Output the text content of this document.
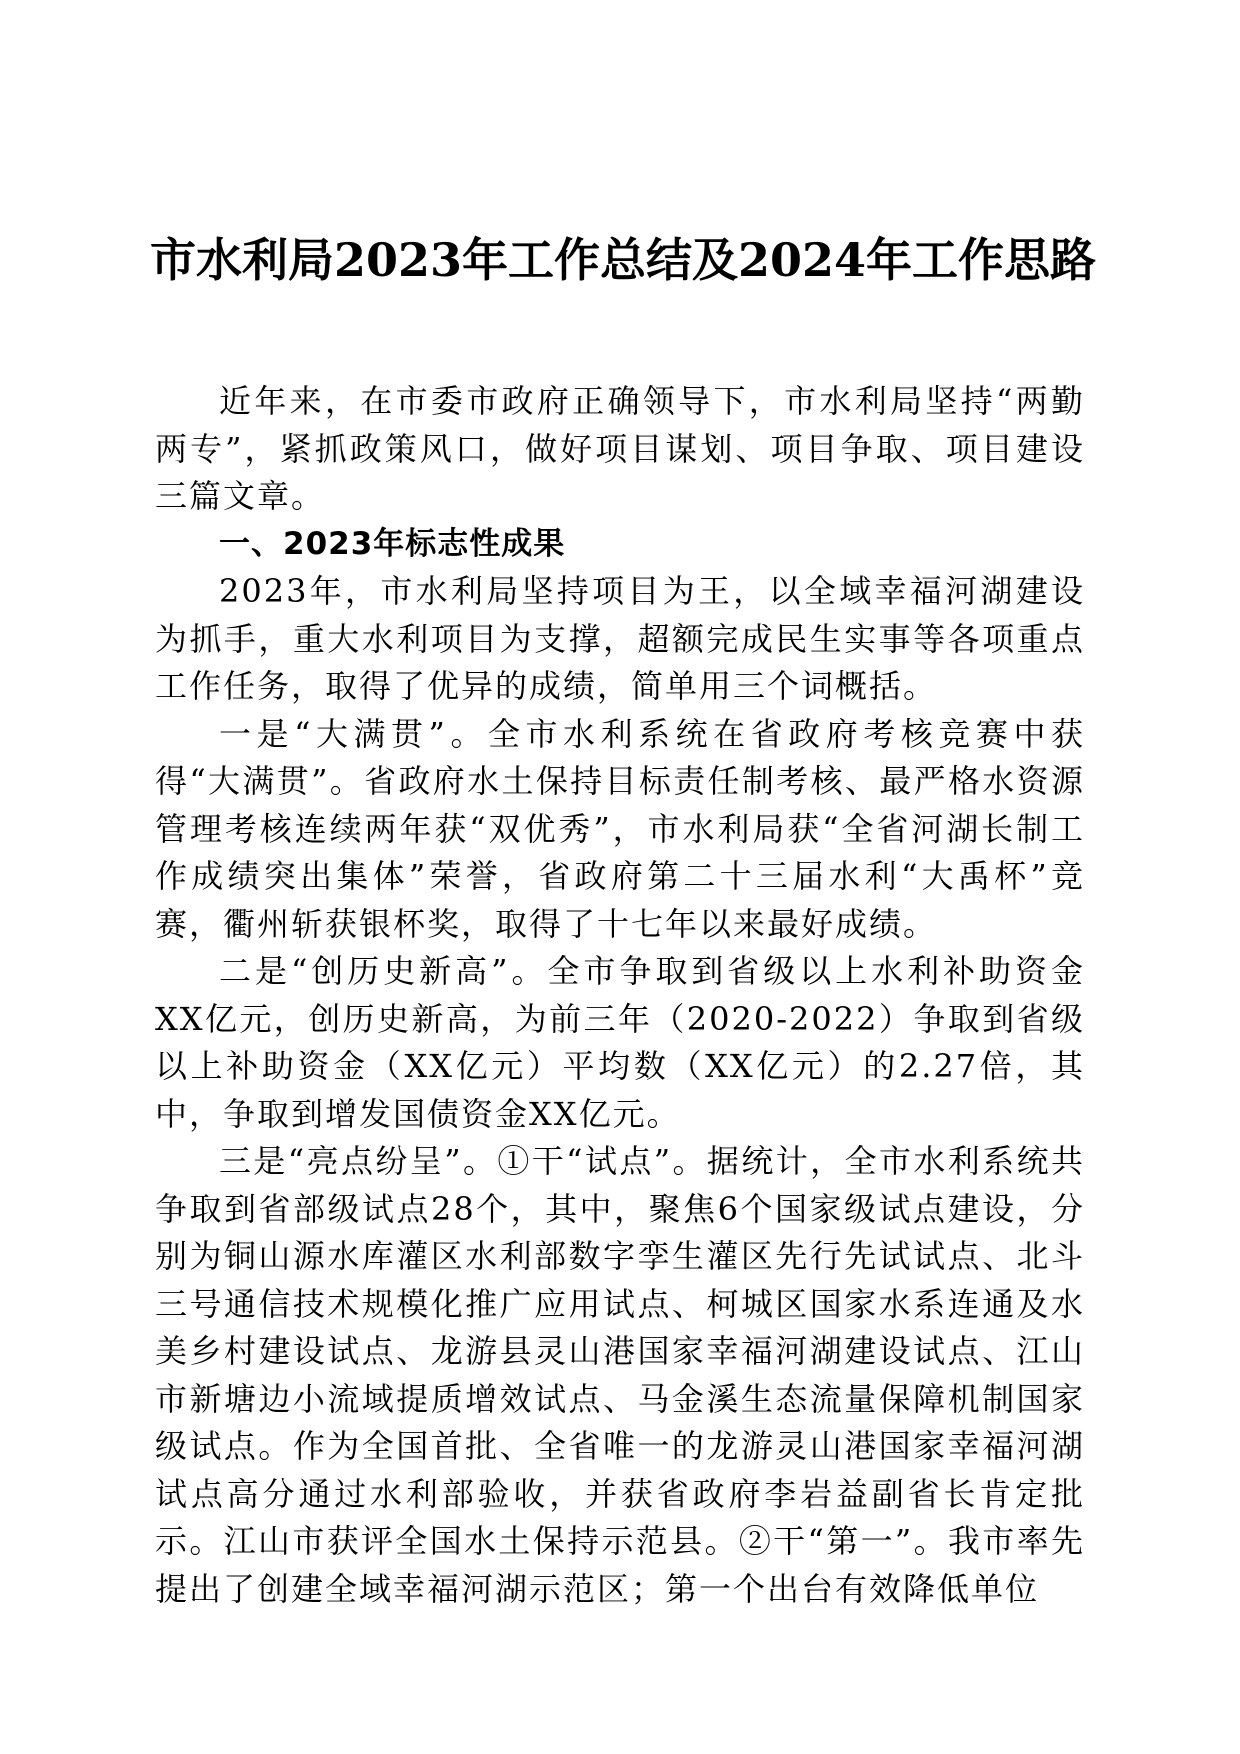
市水利局2023年工作总结及2024年工作思路

近年来，在市委市政府正确领导下，市水利局坚持“两勤两专”，紧抓政策风口，做好项目谋划、项目争取、项目建设三篇文章。

一、2023年标志性成果

2023年，市水利局坚持项目为王，以全域幸福河湖建设为抓手，重大水利项目为支撑，超额完成民生实事等各项重点工作任务，取得了优异的成绩，简单用三个词概括。

一是“大满贯”。全市水利系统在省政府考核竞赛中获得“大满贯”。省政府水土保持目标责任制考核、最严格水资源管理考核连续两年获“双优秀”，市水利局获“全省河湖长制工作成绩突出集体”荣誉，省政府第二十三届水利“大禹杯”竞赛，衢州斩获银杯奖，取得了十七年以来最好成绩。

二是“创历史新高”。全市争取到省级以上水利补助资金XX亿元，创历史新高，为前三年（2020-2022）争取到省级以上补助资金（XX亿元）平均数（XX亿元）的2.27倍，其中，争取到增发国债资金XX亿元。

三是“亮点纷呈”。①干“试点”。据统计，全市水利系统共争取到省部级试点28个，其中，聚焦6个国家级试点建设，分别为铜山源水库灌区水利部数字孪生灌区先行先试试点、北斗三号通信技术规模化推广应用试点、柯城区国家水系连通及水美乡村建设试点、龙游县灵山港国家幸福河湖建设试点、江山市新塘边小流域提质增效试点、马金溪生态流量保障机制国家级试点。作为全国首批、全省唯一的龙游灵山港国家幸福河湖试点高分通过水利部验收，并获省政府李岩益副省长肯定批示。江山市获评全国水土保持示范县。②干“第一”。我市率先提出了创建全域幸福河湖示范区；第一个出台有效降低单位
